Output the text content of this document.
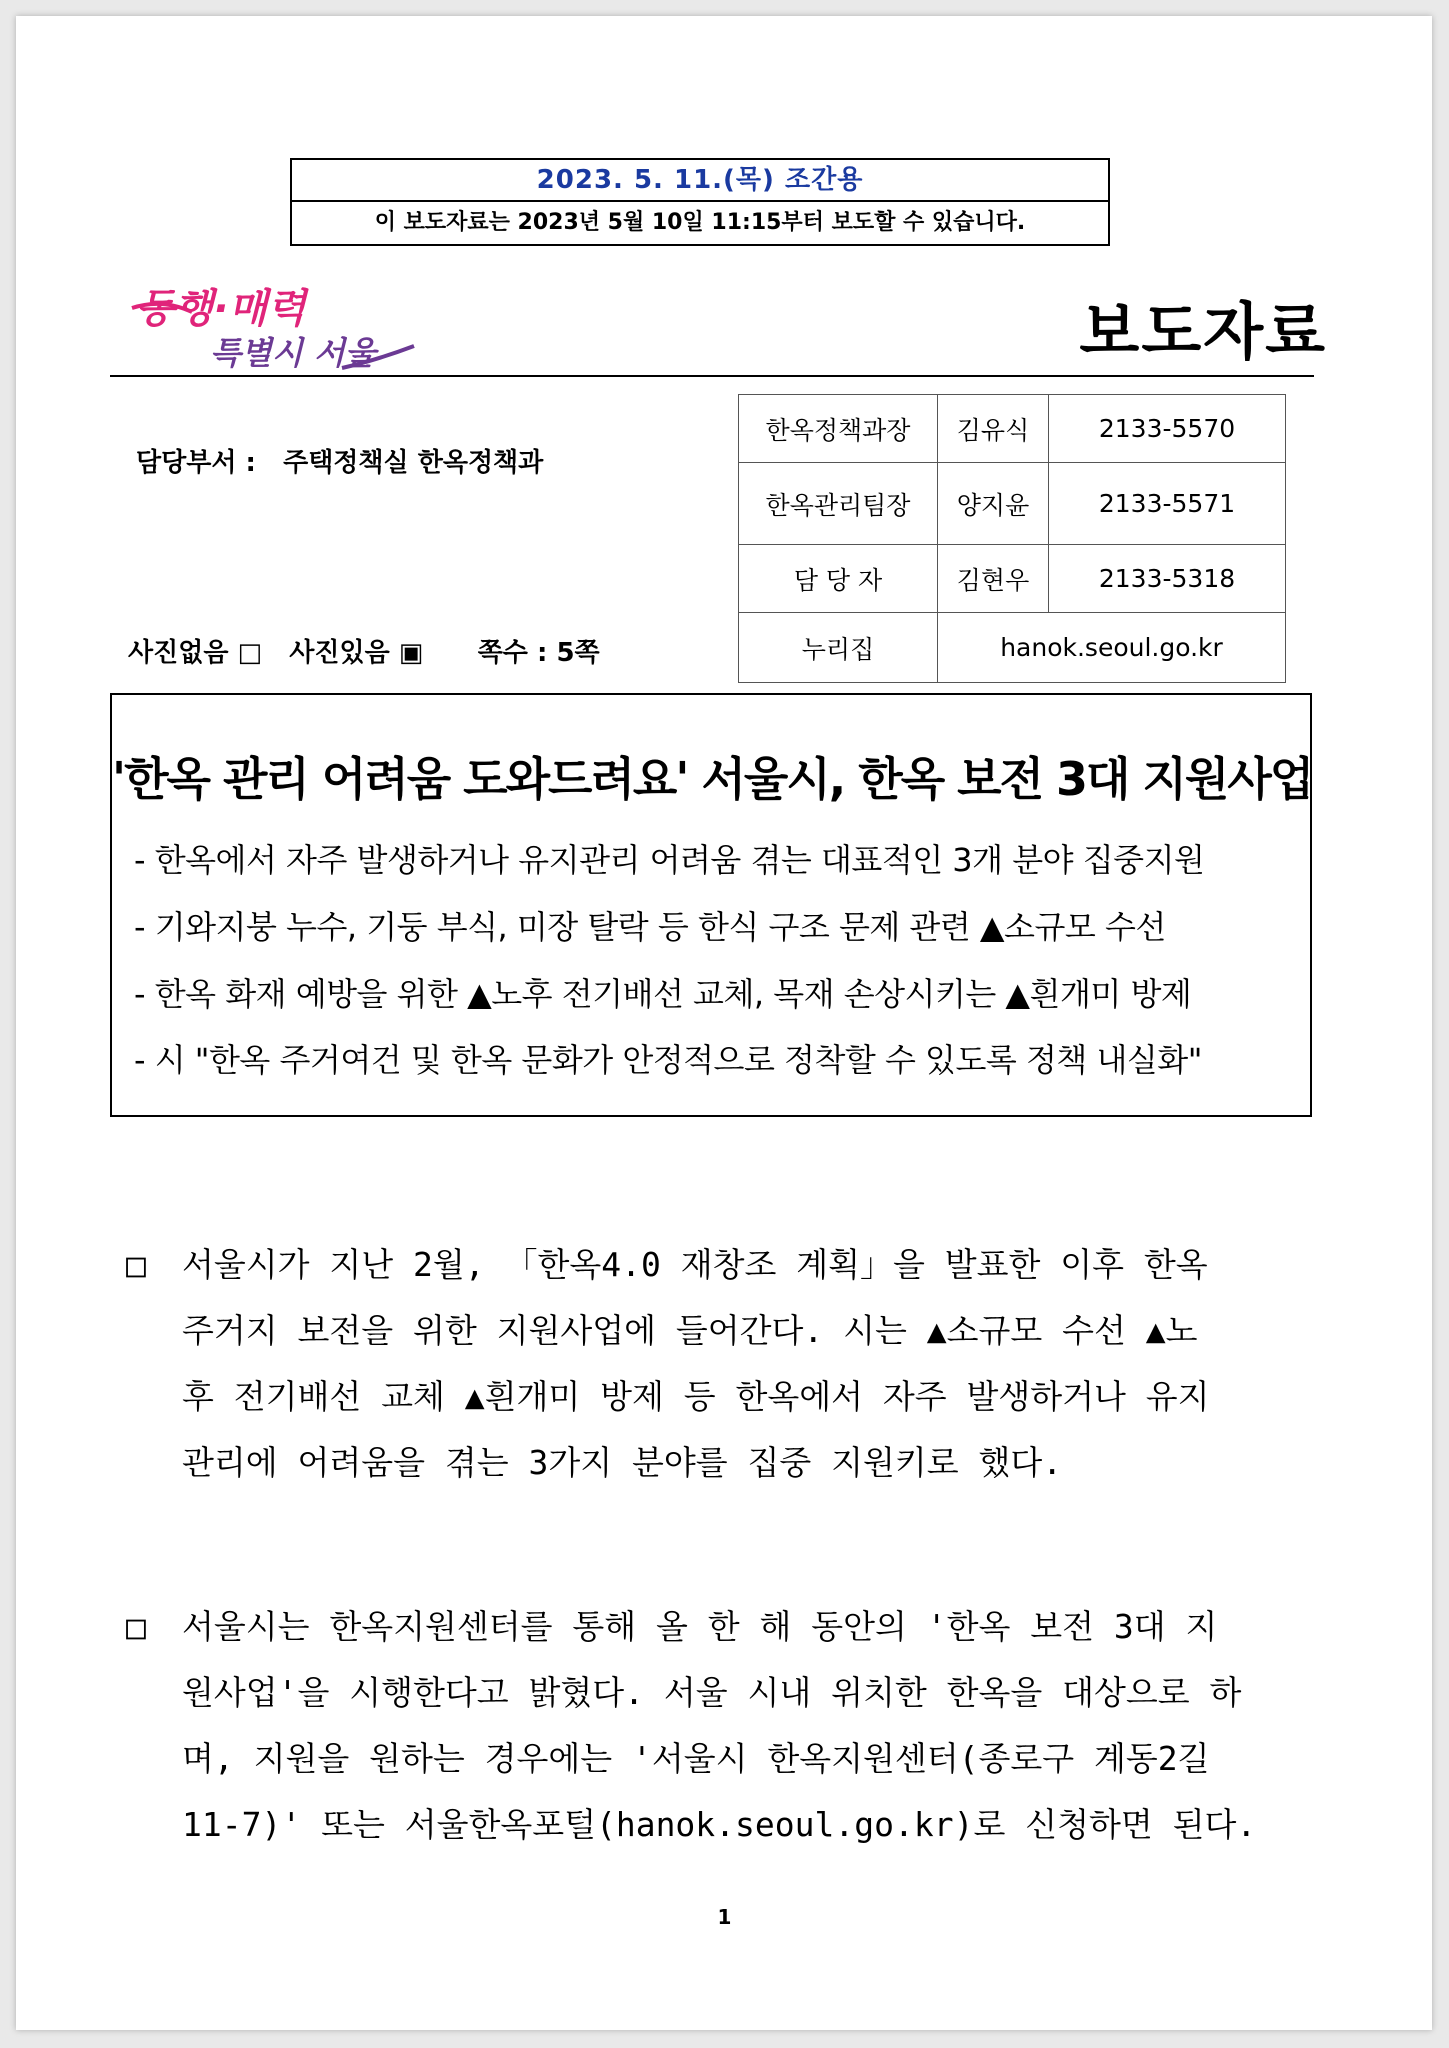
2023. 5. 11.(목) 조간용
이 보도자료는 2023년 5월 10일 11:15부터 보도할 수 있습니다.
동행·매력
특별시 서울	보도자료
담당부서 : 주택정책실 한옥정책과
사진없음 □ 사진있음 ▣ 쪽수 : 5쪽
한옥정책과장	김유식	2133-5570
한옥관리팀장	양지윤	2133-5571
담 당 자	김현우	2133-5318
누리집	hanok.seoul.go.kr	
'한옥 관리 어려움 도와드려요' 서울시, 한옥 보전 3대 지원사업
- 한옥에서 자주 발생하거나 유지관리 어려움 겪는 대표적인 3개 분야 집중지원
- 기와지붕 누수, 기둥 부식, 미장 탈락 등 한식 구조 문제 관련 ▲소규모 수선
- 한옥 화재 예방을 위한 ▲노후 전기배선 교체, 목재 손상시키는 ▲흰개미 방제
- 시 "한옥 주거여건 및 한옥 문화가 안정적으로 정착할 수 있도록 정책 내실화"
□ 서울시가 지난 2월, 「한옥4.0 재창조 계획」을 발표한 이후 한옥
주거지 보전을 위한 지원사업에 들어간다. 시는 ▲소규모 수선 ▲노
후 전기배선 교체 ▲흰개미 방제 등 한옥에서 자주 발생하거나 유지
관리에 어려움을 겪는 3가지 분야를 집중 지원키로 했다.
□ 서울시는 한옥지원센터를 통해 올 한 해 동안의 '한옥 보전 3대 지
원사업'을 시행한다고 밝혔다. 서울 시내 위치한 한옥을 대상으로 하
며, 지원을 원하는 경우에는 '서울시 한옥지원센터(종로구 계동2길
11-7)' 또는 서울한옥포털(hanok.seoul.go.kr)로 신청하면 된다.
1
